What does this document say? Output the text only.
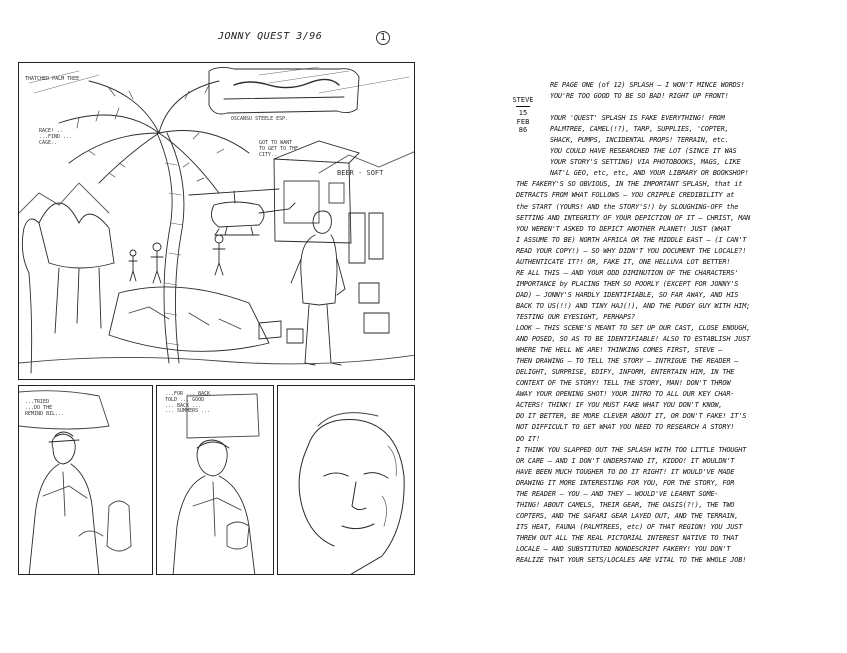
JONNY QUEST 3/96	1
THATCHED PALM TREE
RACE! ..
...FIND ...
CAGE..	GOT TO WANT
TO GET TO THE
CITY..
BEER - SOFT
OSCANSU STEELE ESP.
...TRIED
...DO THE
REMIND BIL...
...FOR ... BACK
TOLD ... GOOD
... BACK ...
... SUMMERS ...
STEVE
15
FEB
86
RE PAGE ONE (of 12) SPLASH — I WON'T MINCE WORDS!
YOU'RE TOO GOOD TO BE SO BAD! RIGHT UP FRONT!

YOUR 'QUEST' SPLASH IS FAKE EVERYTHING! FROM
PALMTREE, CAMEL(!?), TARP, SUPPLIES, 'COPTER,
SHACK, PUMPS, INCIDENTAL PROPS! TERRAIN, etc.
YOU COULD HAVE RESEARCHED THE LOT (SINCE IT WAS
YOUR STORY'S SETTING) VIA PHOTOBOOKS, MAGS, LIKE
NAT'L GEO, etc, etc, AND YOUR LIBRARY OR BOOKSHOP!
THE FAKERY'S SO OBVIOUS, IN THE IMPORTANT SPLASH, that it
DETRACTS FROM WHAT FOLLOWS — YOU CRIPPLE CREDIBILITY at
the START (YOURS! AND the STORY'S!) by SLOUGHING-OFF the
SETTING AND INTEGRITY OF YOUR DEPICTION OF IT — CHRIST, MAN
YOU WEREN'T ASKED TO DEPICT ANOTHER PLANET! JUST (WHAT
I ASSUME TO BE) NORTH AFRICA OR THE MIDDLE EAST — (I CAN'T
READ YOUR COPY!) — SO WHY DIDN'T YOU DOCUMENT THE LOCALE?!
AUTHENTICATE IT?! OR, FAKE IT, ONE HELLUVA LOT BETTER!
RE ALL THIS — AND YOUR ODD DIMINUTION OF THE CHARACTERS'
IMPORTANCE by PLACING THEM SO POORLY (EXCEPT FOR JONNY'S
DAD) — JONNY'S HARDLY IDENTIFIABLE, SO FAR AWAY, AND HIS
BACK TO US(!!) AND TINY HAJ(!), AND THE PUDGY GUY WITH HIM;
TESTING OUR EYESIGHT, PERHAPS?
LOOK — THIS SCENE'S MEANT TO SET UP OUR CAST, CLOSE ENOUGH,
AND POSED, SO AS TO BE IDENTIFIABLE! ALSO TO ESTABLISH JUST
WHERE THE HELL WE ARE! THINKING COMES FIRST, STEVE —
THEN DRAWING — TO TELL THE STORY — INTRIGUE THE READER —
DELIGHT, SURPRISE, EDIFY, INFORM, ENTERTAIN HIM, IN THE
CONTEXT OF THE STORY! TELL THE STORY, MAN! DON'T THROW
AWAY YOUR OPENING SHOT! YOUR INTRO TO ALL OUR KEY CHAR-
ACTERS! THINK! IF YOU MUST FAKE WHAT YOU DON'T KNOW,
DO IT BETTER, BE MORE CLEVER ABOUT IT, OR DON'T FAKE! IT'S
NOT DIFFICULT TO GET WHAT YOU NEED TO RESEARCH A STORY!
DO IT!
I THINK YOU SLAPPED OUT THE SPLASH WITH TOO LITTLE THOUGHT
OR CARE — AND I DON'T UNDERSTAND IT, KIDDO! IT WOULDN'T
HAVE BEEN MUCH TOUGHER TO DO IT RIGHT! IT WOULD'VE MADE
DRAWING IT MORE INTERESTING FOR YOU, FOR THE STORY, FOR
THE READER — YOU — AND THEY — WOULD'VE LEARNT SOME-
THING! ABOUT CAMELS, THEIR GEAR, THE OASIS(?!), THE TWO
COPTERS, AND THE SAFARI GEAR LAYED OUT, AND THE TERRAIN,
ITS HEAT, FAUNA (PALMTREES, etc) OF THAT REGION! YOU JUST
THREW OUT ALL THE REAL PICTORIAL INTEREST NATIVE TO THAT
LOCALE — AND SUBSTITUTED NONDESCRIPT FAKERY! YOU DON'T
REALIZE THAT YOUR SETS/LOCALES ARE VITAL TO THE WHOLE JOB!
